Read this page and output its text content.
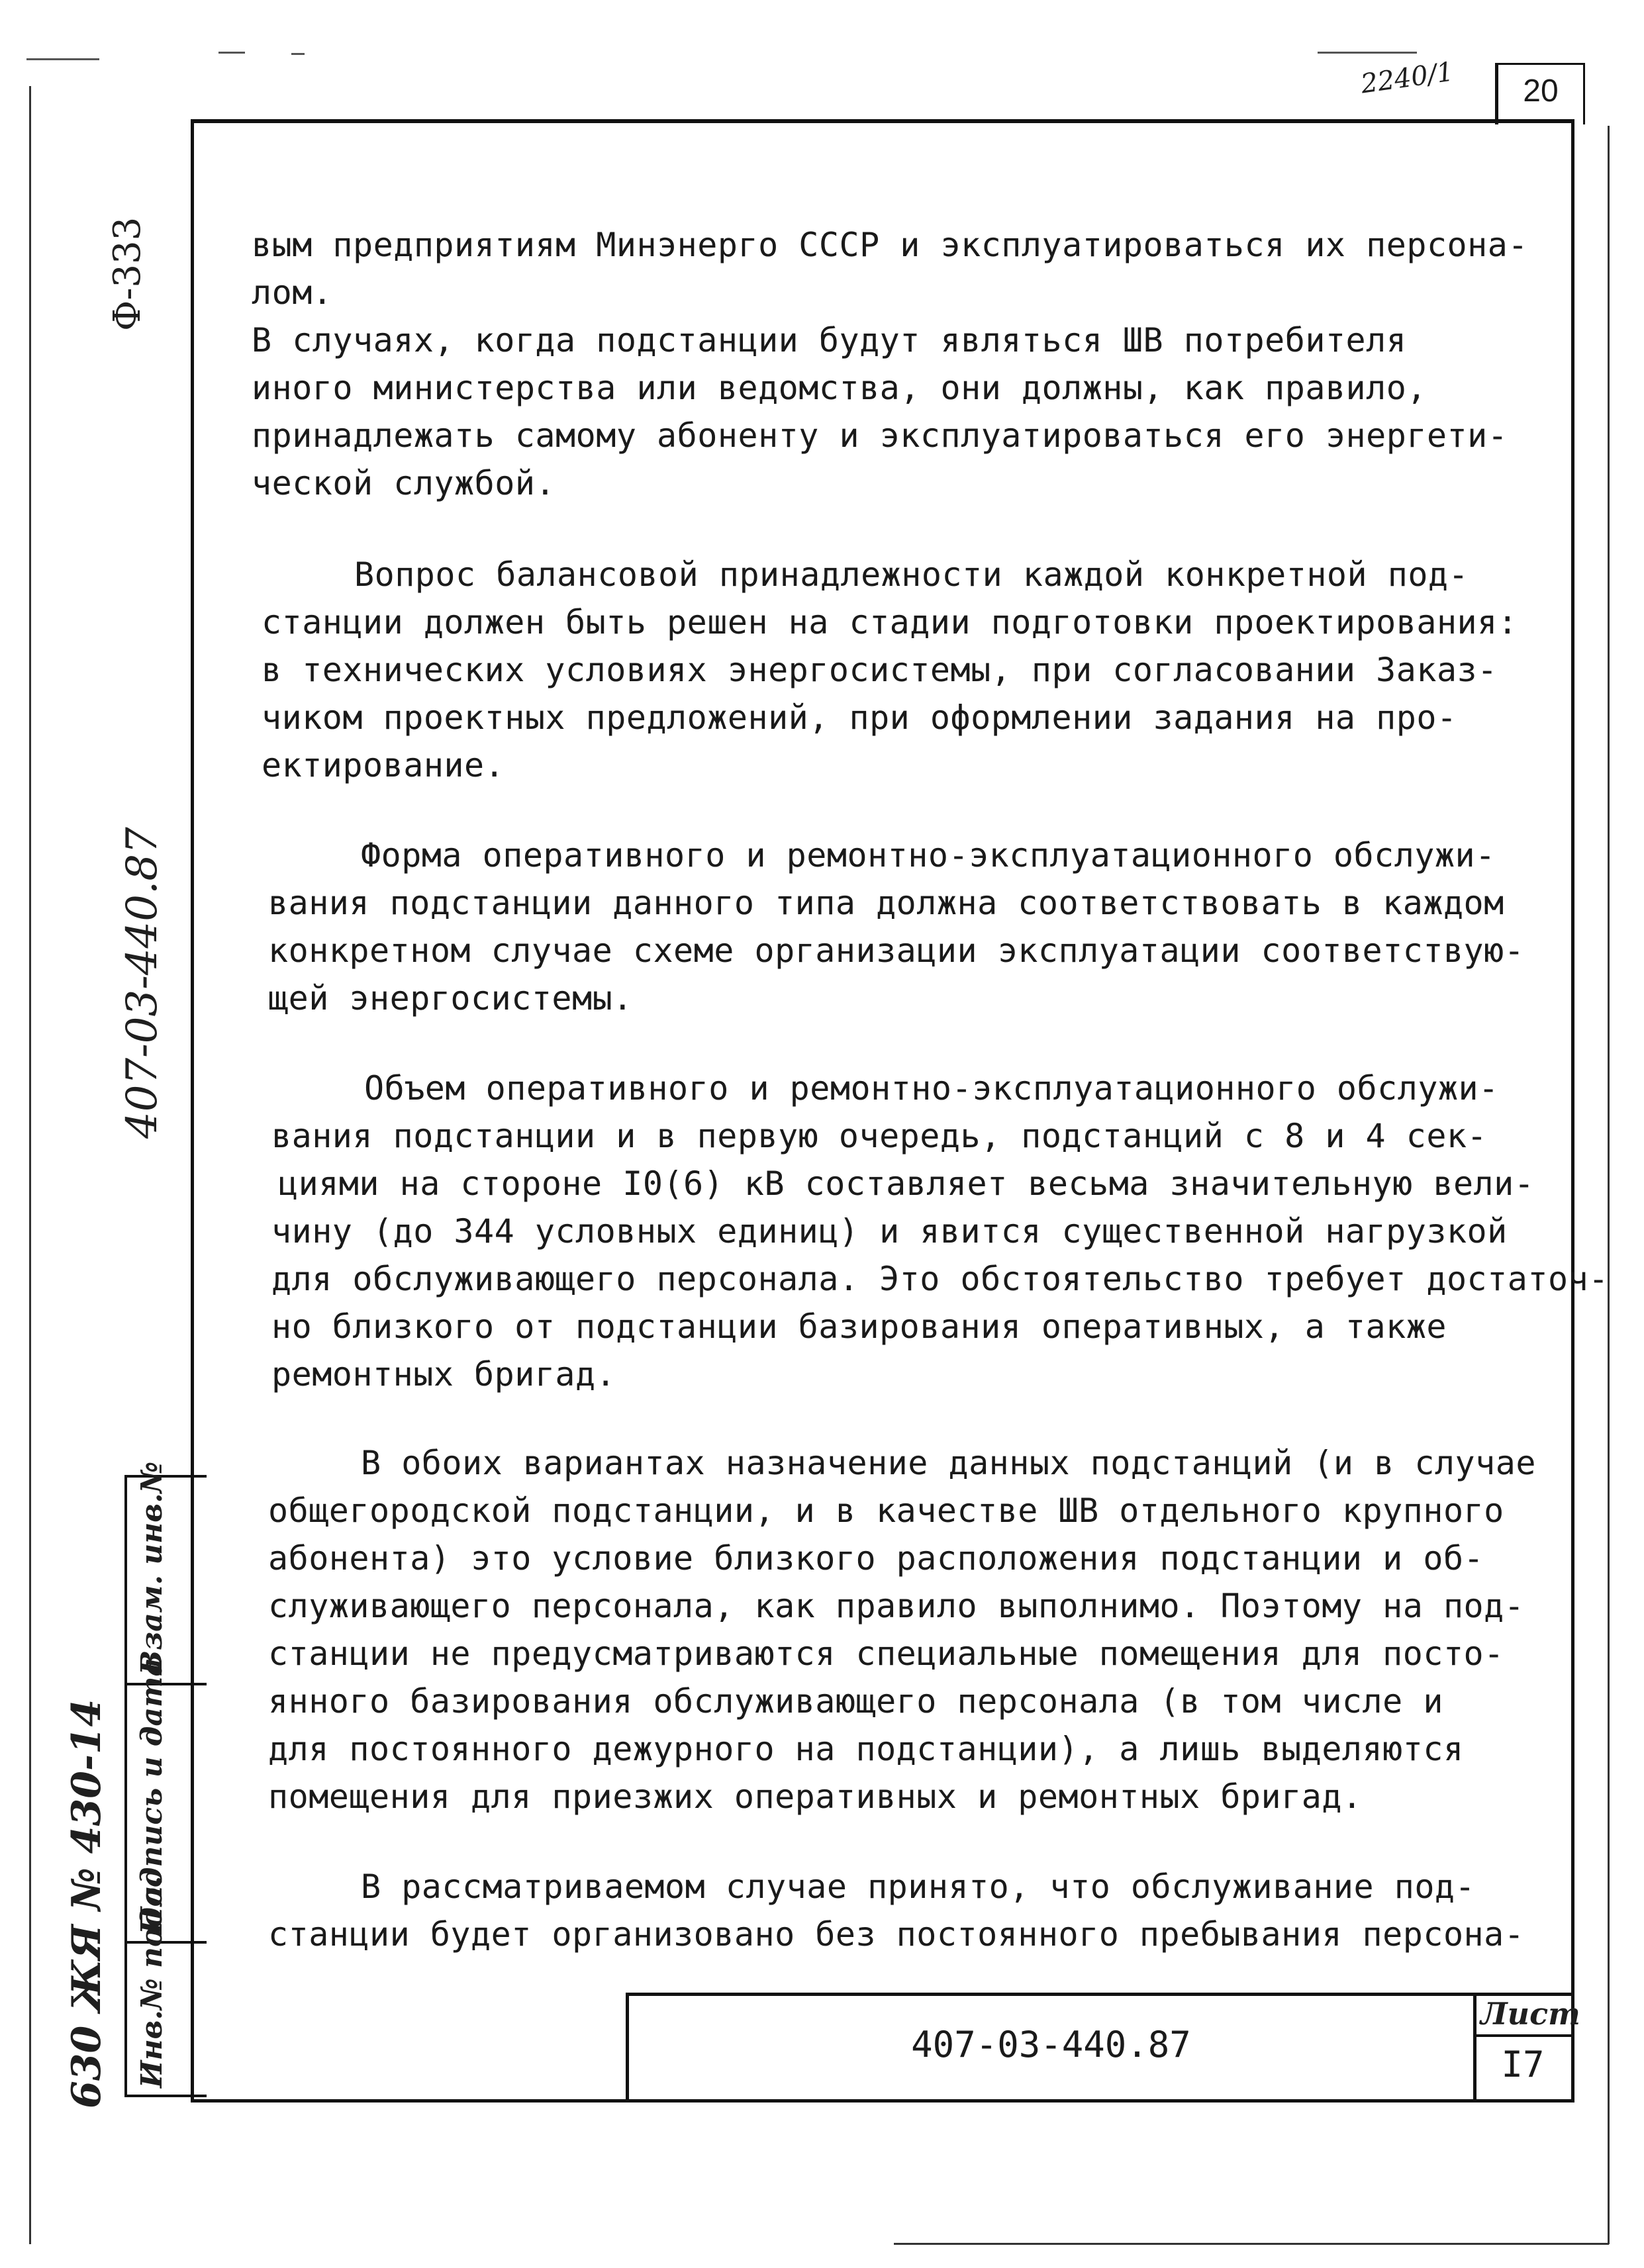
20
2240/1
Ф-333
407-03-440.87
630 ЖЯ № 430-14 Инв.№ подл.
Подпись и дата
Взам. инв.№
вым предприятиям Минэнерго СССР и эксплуатироваться их персона-
лом.
В случаях, когда подстанции будут являться ШВ потребителя
иного министерства или ведомства, они должны, как правило,
принадлежать самому абоненту и эксплуатироваться его энергети-
ческой службой.
Вопрос балансовой принадлежности каждой конкретной под-
станции должен быть решен на стадии подготовки проектирования:
в технических условиях энергосистемы, при согласовании Заказ-
чиком проектных предложений, при оформлении задания на про-
ектирование.
Форма оперативного и ремонтно-эксплуатационного обслужи-
вания подстанции данного типа должна соответствовать в каждом
конкретном случае схеме организации эксплуатации соответствую-
щей энергосистемы.
Объем оперативного и ремонтно-эксплуатационного обслужи-
вания подстанции и в первую очередь, подстанций с 8 и 4 сек-
циями на стороне I0(6) кВ составляет весьма значительную вели-
чину (до 344 условных единиц) и явится существенной нагрузкой
для обслуживающего персонала. Это обстоятельство требует достаточ-
но близкого от подстанции базирования оперативных, а также
ремонтных бригад.
В обоих вариантах назначение данных подстанций (и в случае
общегородской подстанции, и в качестве ШВ отдельного крупного
абонента) это условие близкого расположения подстанции и об-
служивающего персонала, как правило выполнимо. Поэтому на под-
станции не предусматриваются специальные помещения для посто-
янного базирования обслуживающего персонала (в том числе и
для постоянного дежурного на подстанции), а лишь выделяются
помещения для приезжих оперативных и ремонтных бригад.
В рассматриваемом случае принято, что обслуживание под-
станции будет организовано без постоянного пребывания персона-
407-03-440.87
Лист
I7
